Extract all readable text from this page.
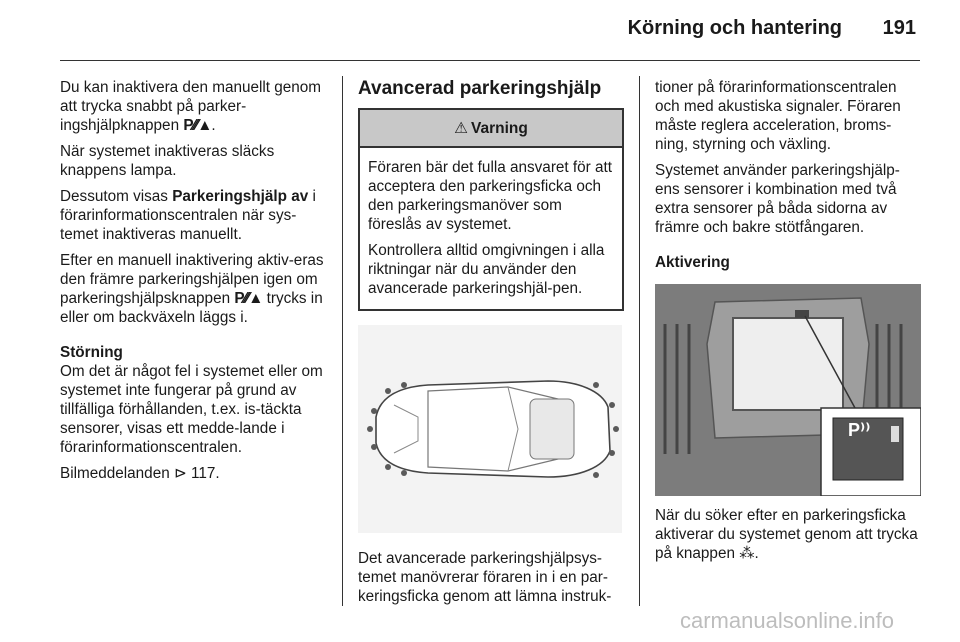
Körning och hantering 191

Du kan inaktivera den manuellt genom att trycka snabbt på parker-ingshjälpknappen P⁄⁄⁄▲.

När systemet inaktiveras släcks knappens lampa.

Dessutom visas Parkeringshjälp av i förarinformationscentralen när sys-temet inaktiveras manuellt.

Efter en manuell inaktivering aktiv-eras den främre parkeringshjälpen igen om parkeringshjälpsknappen P⁄⁄⁄▲ trycks in eller om backväxeln läggs i.

Störning

Om det är något fel i systemet eller om systemet inte fungerar på grund av tillfälliga förhållanden, t.ex. is-täckta sensorer, visas ett medde-lande i förarinformationscentralen.

Bilmeddelanden ⊳ 117.

Avancerad parkeringshjälp
⚠ Varning

Föraren bär det fulla ansvaret för att acceptera den parkeringsficka och den parkeringsmanöver som föreslås av systemet.

Kontrollera alltid omgivningen i alla riktningar när du använder den avancerade parkeringshjäl-pen.

Det avancerade parkeringshjälpsys-temet manövrerar föraren in i en par-keringsficka genom att lämna instruk-

tioner på förarinformationscentralen och med akustiska signaler. Föraren måste reglera acceleration, broms-ning, styrning och växling.

Systemet använder parkeringshjälp-ens sensorer i kombination med två extra sensorer på båda sidorna av främre och bakre stötfångaren.

Aktivering

När du söker efter en parkeringsficka aktiverar du systemet genom att trycka på knappen ⁂.

carmanualsonline.info
P⁾⁾
